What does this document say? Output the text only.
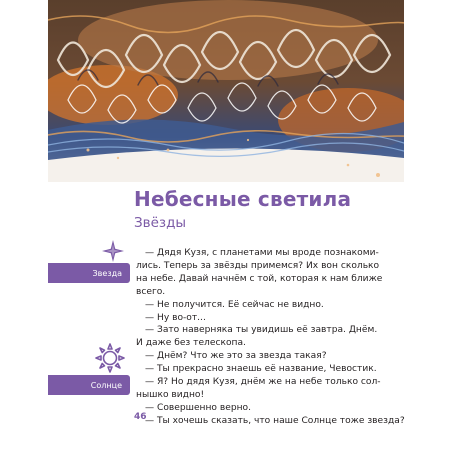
Небесные светила
Звёзды
Звезда
Солнце

— Дядя Кузя, с планетами мы вроде познакоми-

лись. Теперь за звёзды примемся? Их вон сколько

на небе. Давай начнём с той, которая к нам ближе

всего.

— Не получится. Её сейчас не видно.

— Ну во-от...

— Зато наверняка ты увидишь её завтра. Днём.

И даже без телескопа.

— Днём? Что же это за звезда такая?

— Ты прекрасно знаешь её название, Чевостик.

— Я? Но дядя Кузя, днём же на небе только сол-

нышко видно!

— Совершенно верно.

— Ты хочешь сказать, что наше Солнце тоже звезда?

46
